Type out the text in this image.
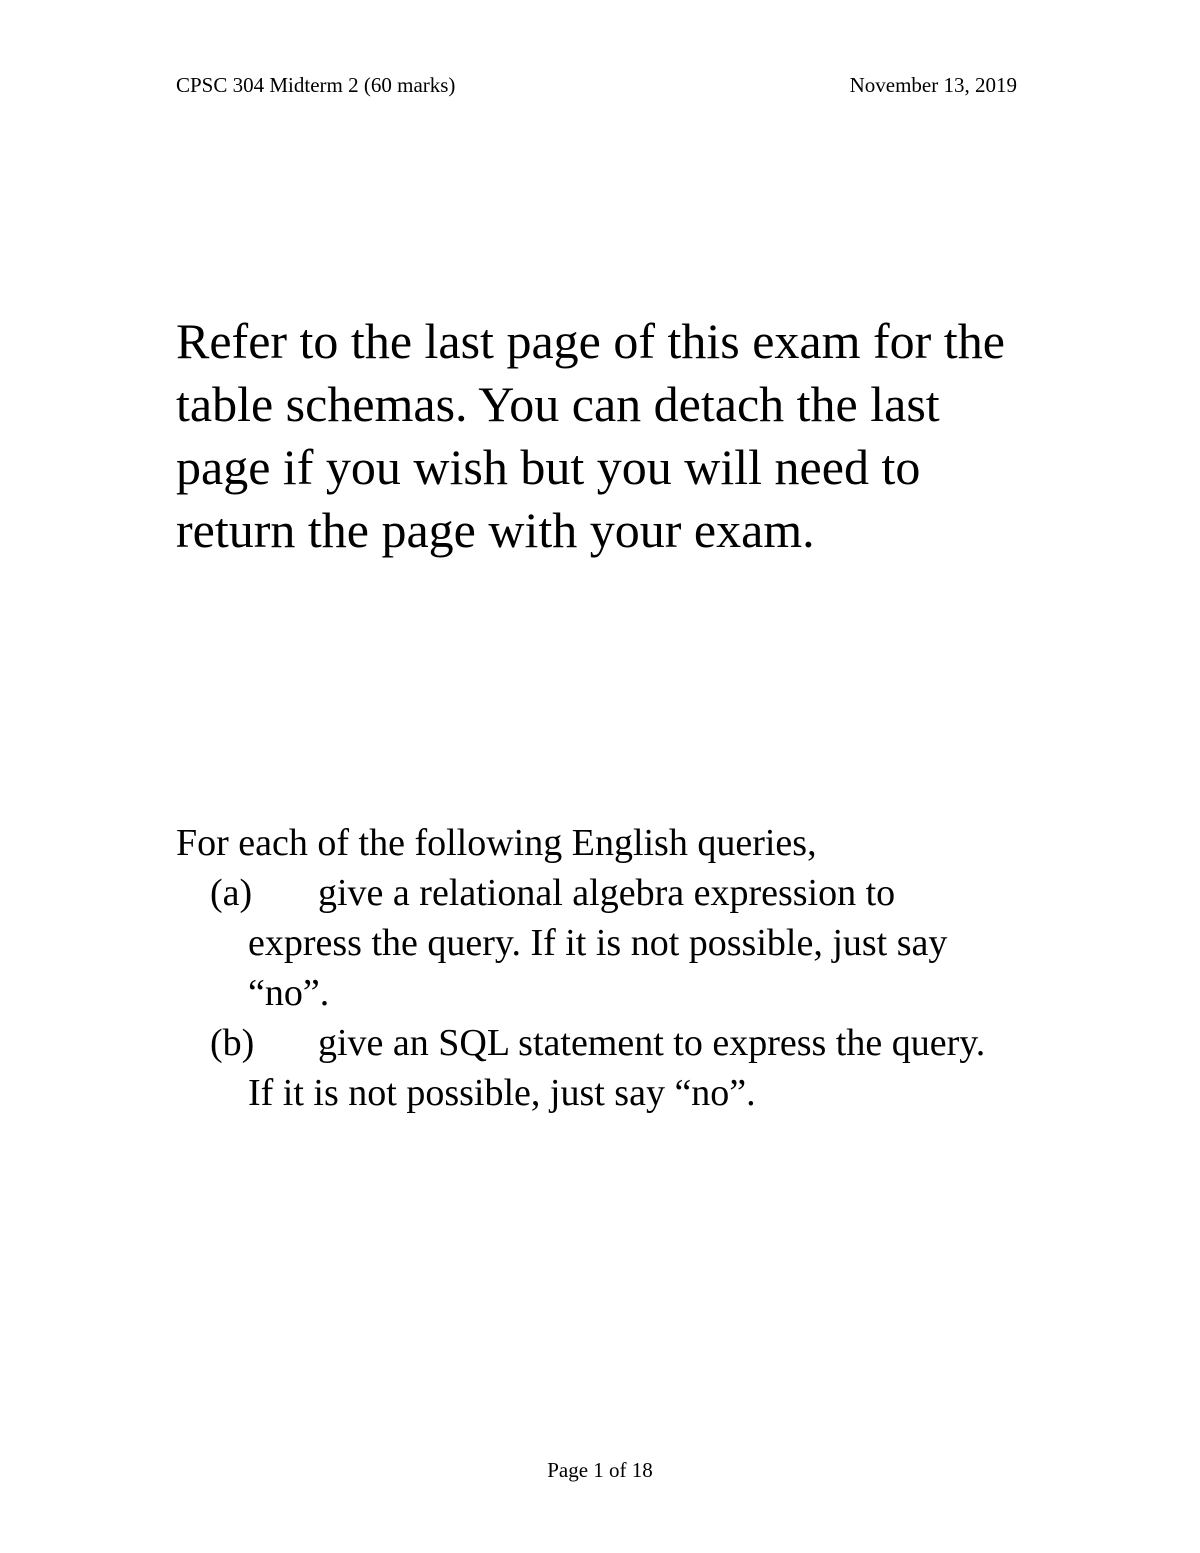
CPSC 304 Midterm 2 (60 marks)	November 13, 2019

Refer to the last page of this exam for the table schemas. You can detach the last page if you wish but you will need to return the page with your exam.

For each of the following English queries,

(a)	give a relational algebra expression to express the query. If it is not possible, just say “no”.
(b)	give an SQL statement to express the query. If it is not possible, just say “no”.
Page 1 of 18
